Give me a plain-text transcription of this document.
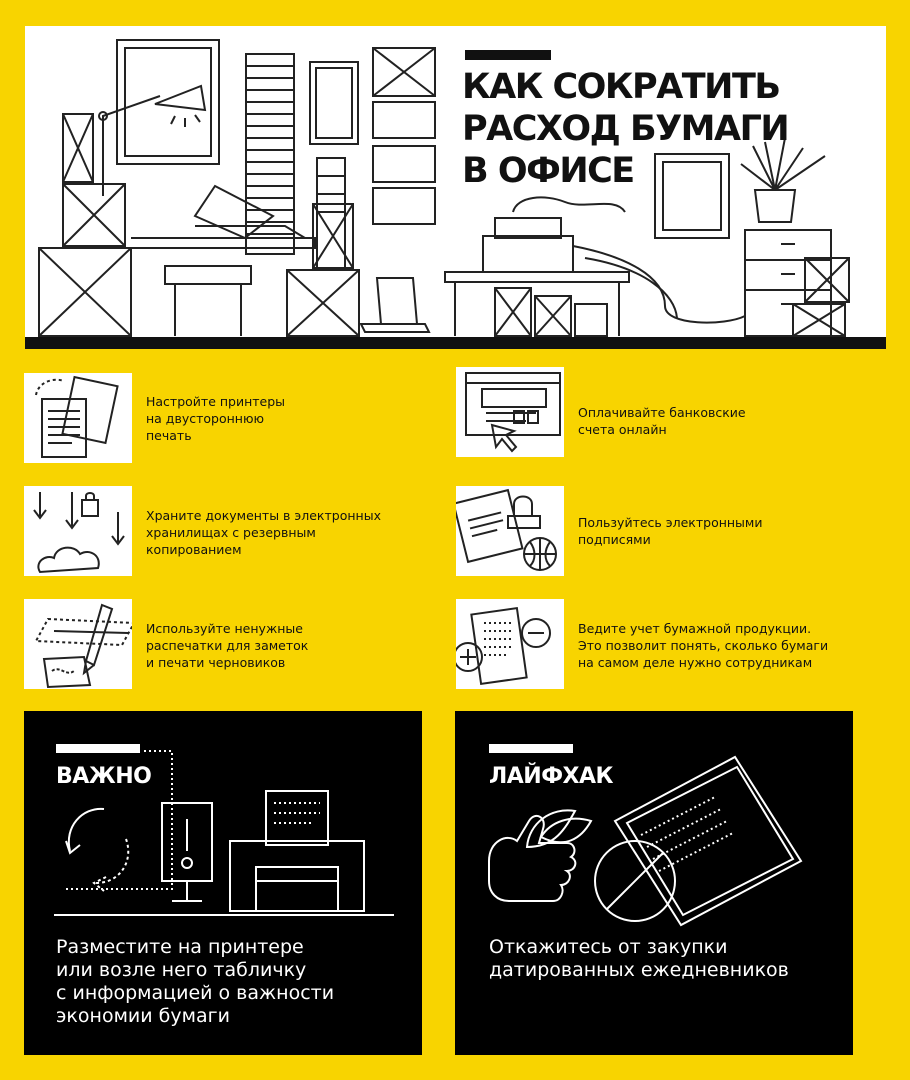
КАК СОКРАТИТЬ
РАСХОД БУМАГИ
В ОФИСЕ
Настройте принтеры
на двустороннюю
печать
Оплачивайте банковские
счета онлайн
Храните документы в электронных
хранилищах с резервным
копированием
Пользуйтесь электронными
подписями
Используйте ненужные
распечатки для заметок
и печати черновиков
Ведите учет бумажной продукции.
Это позволит понять, сколько бумаги
на самом деле нужно сотрудникам
ВАЖНО
Разместите на принтере
или возле него табличку
с информацией о важности
экономии бумаги
ЛАЙФХАК
Откажитесь от закупки
датированных ежедневников
